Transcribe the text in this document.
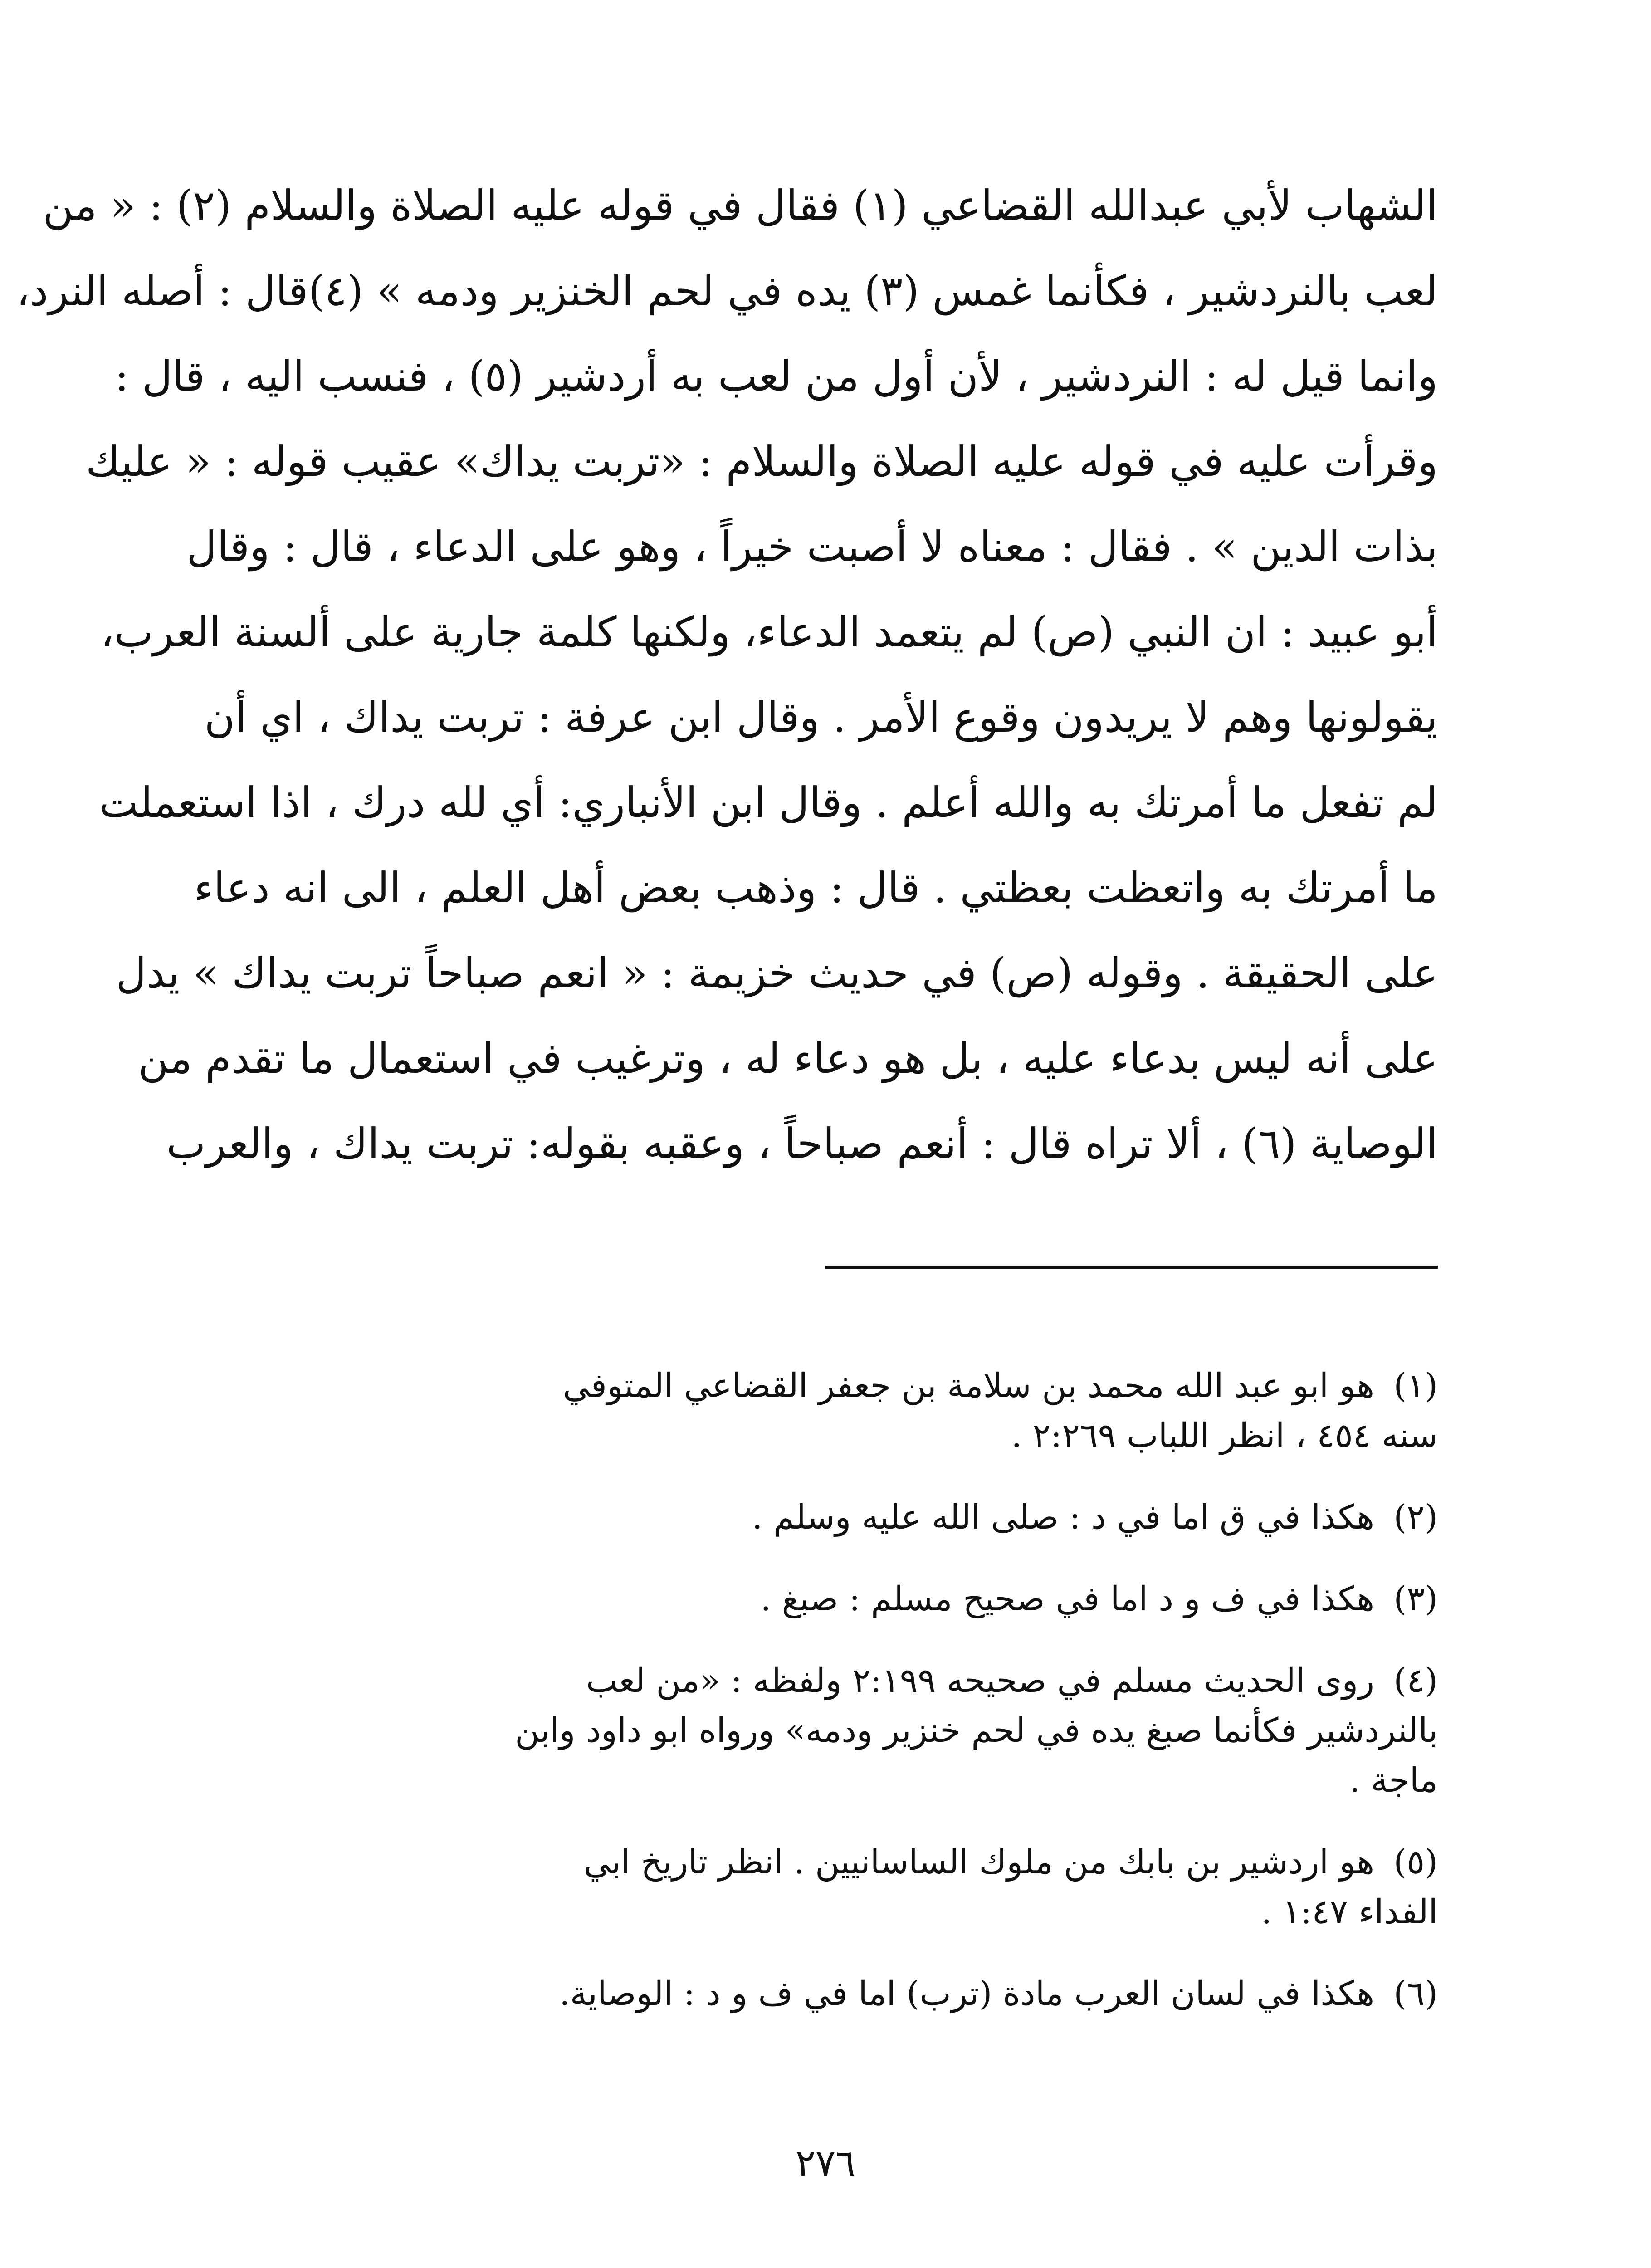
الشهاب لأبي عبدالله القضاعي (١) فقال في قوله عليه الصلاة والسلام (٢) : « من
لعب بالنردشير ، فكأنما غمس (٣) يده في لحم الخنزير ودمه » (٤)قال : أصله النرد،
وانما قيل له : النردشير ، لأن أول من لعب به أردشير (٥) ، فنسب اليه ، قال :
وقرأت عليه في قوله عليه الصلاة والسلام : «تربت يداك» عقيب قوله : « عليك
بذات الدين » . فقال : معناه لا أصبت خيراً ، وهو على الدعاء ، قال : وقال
أبو عبيد : ان النبي (ص) لم يتعمد الدعاء، ولكنها كلمة جارية على ألسنة العرب،
يقولونها وهم لا يريدون وقوع الأمر . وقال ابن عرفة : تربت يداك ، اي أن
لم تفعل ما أمرتك به والله أعلم . وقال ابن الأنباري: أي لله درك ، اذا استعملت
ما أمرتك به واتعظت بعظتي . قال : وذهب بعض أهل العلم ، الى انه دعاء
على الحقيقة . وقوله (ص) في حديث خزيمة : « انعم صباحاً تربت يداك » يدل
على أنه ليس بدعاء عليه ، بل هو دعاء له ، وترغيب في استعمال ما تقدم من
الوصاية (٦) ، ألا تراه قال : أنعم صباحاً ، وعقبه بقوله: تربت يداك ، والعرب
(١)هو ابو عبد الله محمد بن سلامة بن جعفر القضاعي المتوفي
سنه ٤٥٤ ، انظر اللباب ٢:٢٦٩ .
(٢)هكذا في ق اما في د : صلى الله عليه وسلم .
(٣)هكذا في ف و د اما في صحيح مسلم : صبغ .
(٤)روى الحديث مسلم في صحيحه ٢:١٩٩ ولفظه : «من لعب
بالنردشير فكأنما صبغ يده في لحم خنزير ودمه» ورواه ابو داود وابن
ماجة .
(٥)هو اردشير بن بابك من ملوك الساسانيين . انظر تاريخ ابي
الفداء ١:٤٧ .
(٦)هكذا في لسان العرب مادة (ترب) اما في ف و د : الوصاية.
٢٧٦
